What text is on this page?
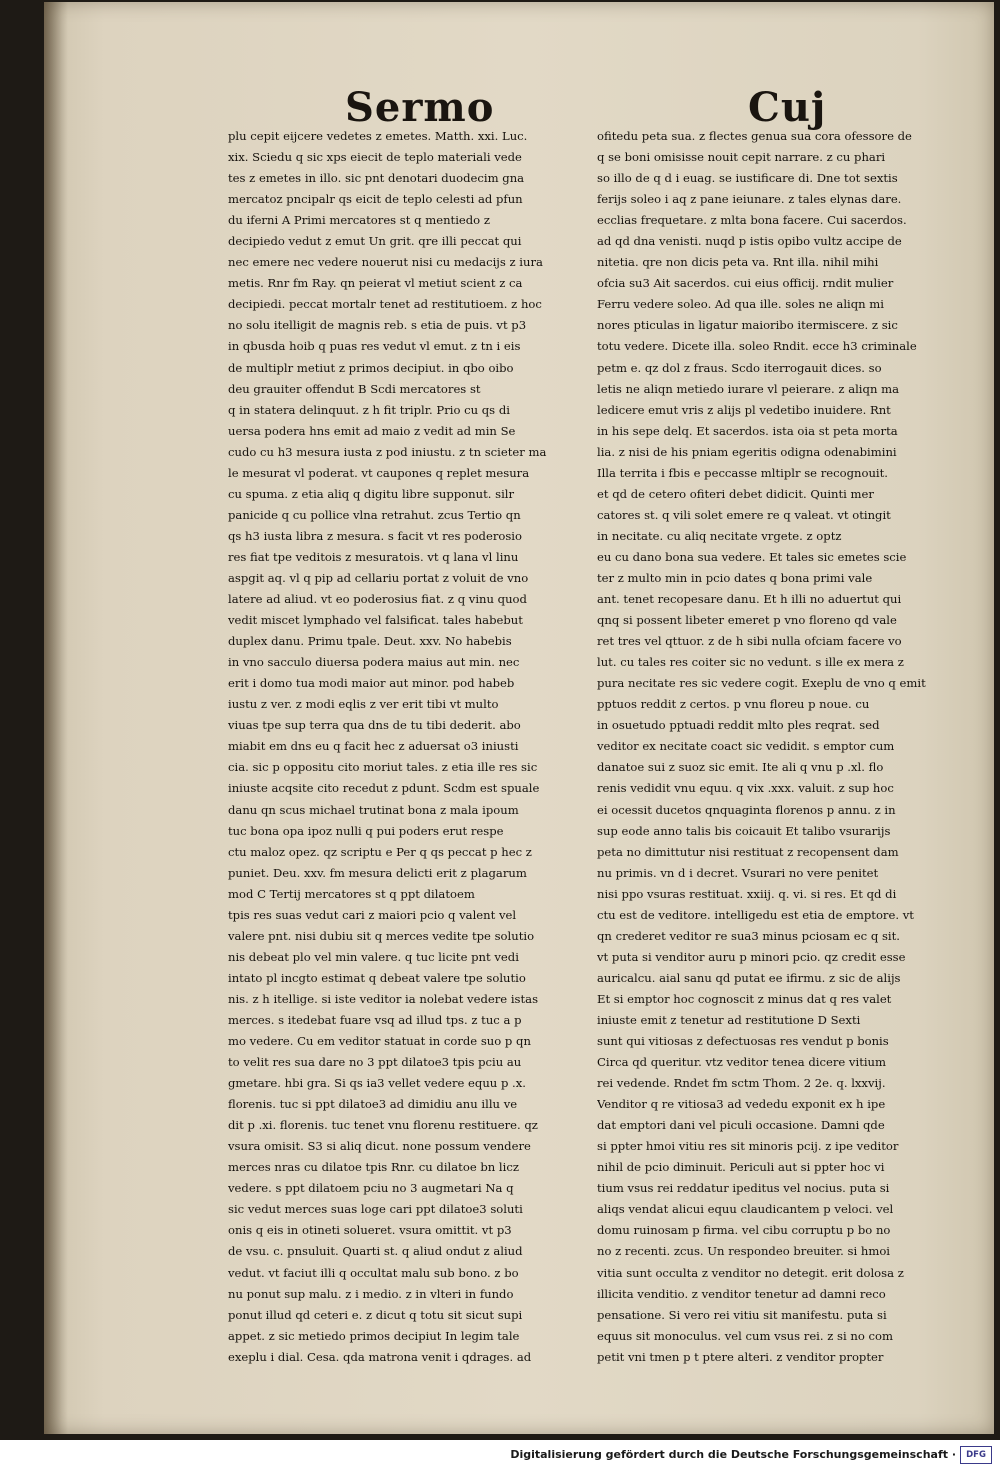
Sermo	Cuj
plu cepit eijcere vedetes z emetes. Matth. xxi. Luc.
xix. Sciedu q sic xps eiecit de teplo materiali vede
tes z emetes in illo. sic pnt denotari duodecim gna
mercatoz pncipalr qs eicit de teplo celesti ad pfun
du iferni A Primi mercatores st q mentiedo z
decipiedo vedut z emut Un grit. qre illi peccat qui
nec emere nec vedere nouerut nisi cu medacijs z iura
metis. Rnr fm Ray. qn peierat vl metiut scient z ca
decipiedi. peccat mortalr tenet ad restitutioem. z hoc
no solu itelligit de magnis reb. s etia de puis. vt p3
in qbusda hoib q puas res vedut vl emut. z tn i eis
de multiplr metiut z primos decipiut. in qbo oibo
deu grauiter offendut B Scdi mercatores st
q in statera delinquut. z h fit triplr. Prio cu qs di
uersa podera hns emit ad maio z vedit ad min Se
cudo cu h3 mesura iusta z pod iniustu. z tn scieter ma
le mesurat vl poderat. vt caupones q replet mesura
cu spuma. z etia aliq q digitu libre supponut. silr
panicide q cu pollice vlna retrahut. zcus Tertio qn
qs h3 iusta libra z mesura. s facit vt res poderosio
res fiat tpe veditois z mesuratois. vt q lana vl linu
aspgit aq. vl q pip ad cellariu portat z voluit de vno
latere ad aliud. vt eo poderosius fiat. z q vinu quod
vedit miscet lymphado vel falsificat. tales habebut
duplex danu. Primu tpale. Deut. xxv. No habebis
in vno sacculo diuersa podera maius aut min. nec
erit i domo tua modi maior aut minor. pod habeb
iustu z ver. z modi eqlis z ver erit tibi vt multo
viuas tpe sup terra qua dns de tu tibi dederit. abo
miabit em dns eu q facit hec z aduersat o3 iniusti
cia. sic p oppositu cito moriut tales. z etia ille res sic
iniuste acqsite cito recedut z pdunt. Scdm est spuale
danu qn scus michael trutinat bona z mala ipoum
tuc bona opa ipoz nulli q pui poders erut respe
ctu maloz opez. qz scriptu e Per q qs peccat p hec z
puniet. Deu. xxv. fm mesura delicti erit z plagarum
mod C Tertij mercatores st q ppt dilatoem
tpis res suas vedut cari z maiori pcio q valent vel
valere pnt. nisi dubiu sit q merces vedite tpe solutio
nis debeat plo vel min valere. q tuc licite pnt vedi
intato pl incgto estimat q debeat valere tpe solutio
nis. z h itellige. si iste veditor ia nolebat vedere istas
merces. s itedebat fuare vsq ad illud tps. z tuc a p
mo vedere. Cu em veditor statuat in corde suo p qn
to velit res sua dare no 3 ppt dilatoe3 tpis pciu au
gmetare. hbi gra. Si qs ia3 vellet vedere equu p .x.
florenis. tuc si ppt dilatoe3 ad dimidiu anu illu ve
dit p .xi. florenis. tuc tenet vnu florenu restituere. qz
vsura omisit. S3 si aliq dicut. none possum vendere
merces nras cu dilatoe tpis Rnr. cu dilatoe bn licz
vedere. s ppt dilatoem pciu no 3 augmetari Na q
sic vedut merces suas loge cari ppt dilatoe3 soluti
onis q eis in otineti solueret. vsura omittit. vt p3
de vsu. c. pnsuluit. Quarti st. q aliud ondut z aliud
vedut. vt faciut illi q occultat malu sub bono. z bo
nu ponut sup malu. z i medio. z in vlteri in fundo
ponut illud qd ceteri e. z dicut q totu sit sicut supi
appet. z sic metiedo primos decipiut In legim tale
exeplu i dial. Cesa. qda matrona venit i qdrages. ad
ofitedu peta sua. z flectes genua sua cora ofessore de
q se boni omisisse nouit cepit narrare. z cu phari
so illo de q d i euag. se iustificare di. Dne tot sextis
ferijs soleo i aq z pane ieiunare. z tales elynas dare.
ecclias frequetare. z mlta bona facere. Cui sacerdos.
ad qd dna venisti. nuqd p istis opibo vultz accipe de
nitetia. qre non dicis peta va. Rnt illa. nihil mihi
ofcia su3 Ait sacerdos. cui eius officij. rndit mulier
Ferru vedere soleo. Ad qua ille. soles ne aliqn mi
nores pticulas in ligatur maioribo itermiscere. z sic
totu vedere. Dicete illa. soleo Rndit. ecce h3 criminale
petm e. qz dol z fraus. Scdo iterrogauit dices. so
letis ne aliqn metiedo iurare vl peierare. z aliqn ma
ledicere emut vris z alijs pl vedetibo inuidere. Rnt
in his sepe delq. Et sacerdos. ista oia st peta morta
lia. z nisi de his pniam egeritis odigna odenabimini
Illa territa i fbis e peccasse mltiplr se recognouit.
et qd de cetero ofiteri debet didicit. Quinti mer
catores st. q vili solet emere re q valeat. vt otingit
in necitate. cu aliq necitate vrgete. z optz
eu cu dano bona sua vedere. Et tales sic emetes scie
ter z multo min in pcio dates q bona primi vale
ant. tenet recopesare danu. Et h illi no aduertut qui
qnq si possent libeter emeret p vno floreno qd vale
ret tres vel qttuor. z de h sibi nulla ofciam facere vo
lut. cu tales res coiter sic no vedunt. s ille ex mera z
pura necitate res sic vedere cogit. Exeplu de vno q emit
pptuos reddit z certos. p vnu floreu p noue. cu
in osuetudo pptuadi reddit mlto ples reqrat. sed
veditor ex necitate coact sic vedidit. s emptor cum
danatoe sui z suoz sic emit. Ite ali q vnu p .xl. flo
renis vedidit vnu equu. q vix .xxx. valuit. z sup hoc
ei ocessit ducetos qnquaginta florenos p annu. z in
sup eode anno talis bis coicauit Et talibo vsurarijs
peta no dimittutur nisi restituat z recopensent dam
nu primis. vn d i decret. Vsurari no vere penitet
nisi ppo vsuras restituat. xxiij. q. vi. si res. Et qd di
ctu est de veditore. intelligedu est etia de emptore. vt
qn crederet veditor re sua3 minus pciosam ec q sit.
vt puta si venditor auru p minori pcio. qz credit esse
auricalcu. aial sanu qd putat ee ifirmu. z sic de alijs
Et si emptor hoc cognoscit z minus dat q res valet
iniuste emit z tenetur ad restitutione D Sexti
sunt qui vitiosas z defectuosas res vendut p bonis
Circa qd queritur. vtz veditor tenea dicere vitium
rei vedende. Rndet fm sctm Thom. 2 2e. q. lxxvij.
Venditor q re vitiosa3 ad vededu exponit ex h ipe
dat emptori dani vel piculi occasione. Damni qde
si ppter hmoi vitiu res sit minoris pcij. z ipe veditor
nihil de pcio diminuit. Periculi aut si ppter hoc vi
tium vsus rei reddatur ipeditus vel nocius. puta si
aliqs vendat alicui equu claudicantem p veloci. vel
domu ruinosam p firma. vel cibu corruptu p bo no
no z recenti. zcus. Un respondeo breuiter. si hmoi
vitia sunt occulta z venditor no detegit. erit dolosa z
illicita venditio. z venditor tenetur ad damni reco
pensatione. Si vero rei vitiu sit manifestu. puta si
equus sit monoculus. vel cum vsus rei. z si no com
petit vni tmen p t ptere alteri. z venditor propter
Digitalisierung gefördert durch die Deutsche Forschungsgemeinschaft ·	DFG
